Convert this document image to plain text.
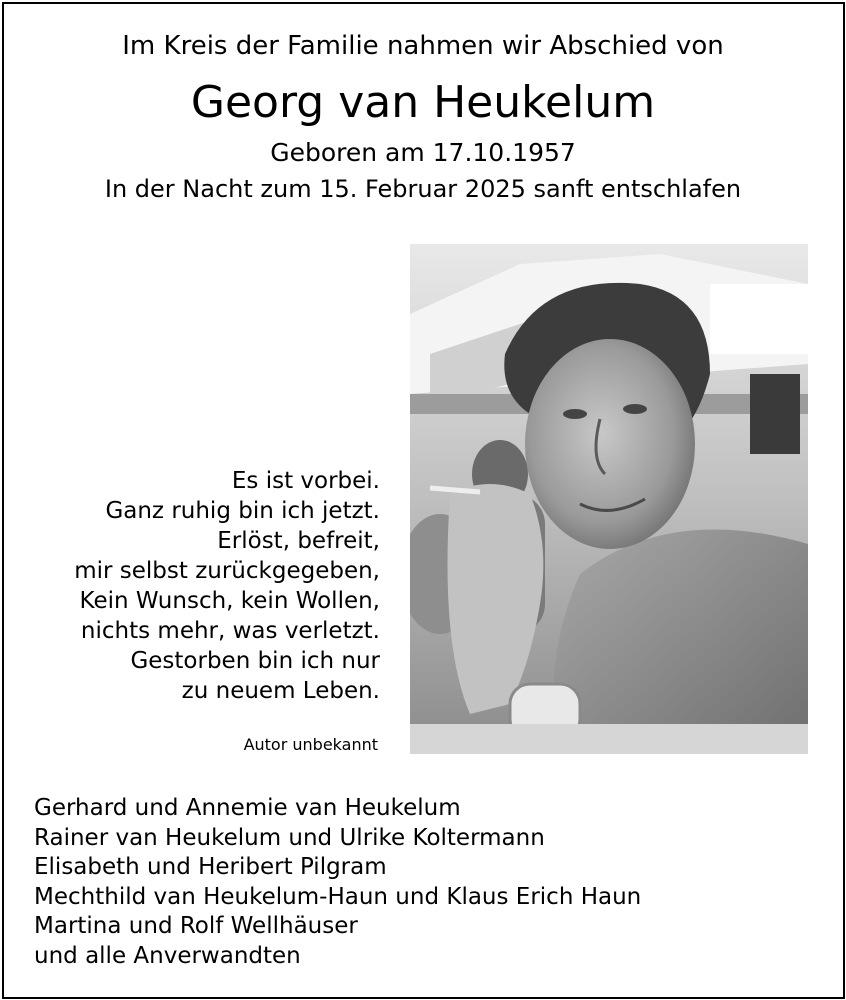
Im Kreis der Familie nahmen wir Abschied von
Georg van Heukelum
Geboren am 17.10.1957
In der Nacht zum 15. Februar 2025 sanft entschlafen
Es ist vorbei.
Ganz ruhig bin ich jetzt.
Erlöst, befreit,
mir selbst zurückgegeben,
Kein Wunsch, kein Wollen,
nichts mehr, was verletzt.
Gestorben bin ich nur
zu neuem Leben.
Autor unbekannt
Gerhard und Annemie van Heukelum
Rainer van Heukelum und Ulrike Koltermann
Elisabeth und Heribert Pilgram
Mechthild van Heukelum-Haun und Klaus Erich Haun
Martina und Rolf Wellhäuser
und alle Anverwandten
